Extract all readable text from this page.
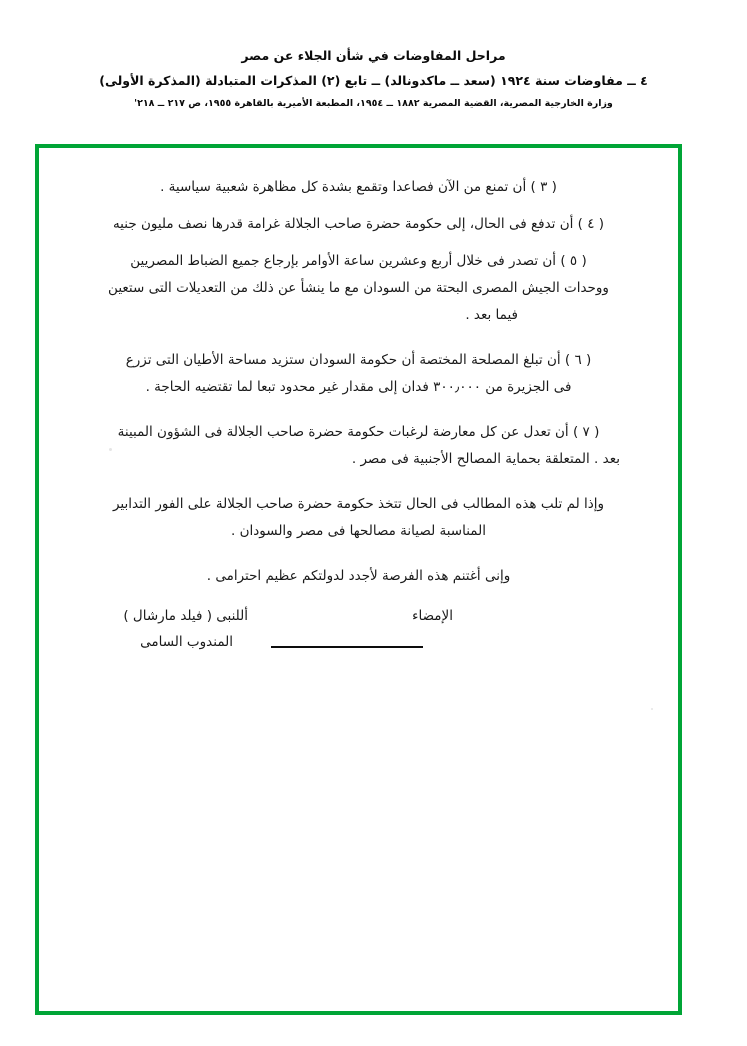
مراحل المفاوضات في شأن الجلاء عن مصر
٤ ــ مفاوضات سنة ١٩٢٤ (سعد ــ ماكدونالد) ــ تابع (٢) المذكرات المتبادلة (المذكرة الأولى)
وزارة الخارجية المصرية، القضية المصرية ١٨٨٢ ــ ١٩٥٤، المطبعة الأميرية بالقاهرة ١٩٥٥، ص ٢١٧ ــ ٢١٨'
( ٣ ) أن تمنع من الآن فصاعدا وتقمع بشدة كل مظاهرة شعبية سياسية .
( ٤ ) أن تدفع فى الحال، إلى حكومة حضرة صاحب الجلالة غرامة قدرها نصف مليون جنيه
( ٥ ) أن تصدر فى خلال أربع وعشرين ساعة الأوامر بإرجاع جميع الضباط المصريين
ووحدات الجيش المصرى البحتة من السودان مع ما ينشأ عن ذلك من التعديلات التى ستعين
فيما بعد .
( ٦ ) أن تبلغ المصلحة المختصة أن حكومة السودان ستزيد مساحة الأطيان التى تزرع
فى الجزيرة من ٣٠٠٫٠٠٠ فدان إلى مقدار غير محدود تبعا لما تقتضيه الحاجة .
( ٧ ) أن تعدل عن كل معارضة لرغبات حكومة حضرة صاحب الجلالة فى الشؤون المبينة
بعد . المتعلقة بحماية المصالح الأجنبية فى مصر .
وإذا لم تلب هذه المطالب فى الحال تتخذ حكومة حضرة صاحب الجلالة على الفور التدابير
المناسبة لصيانة مصالحها فى مصر والسودان .
وإنى أغتنم هذه الفرصة لأجدد لدولتكم عظيم احترامى .
الإمضاء
أللنبى ( فيلد مارشال )
المندوب السامى
